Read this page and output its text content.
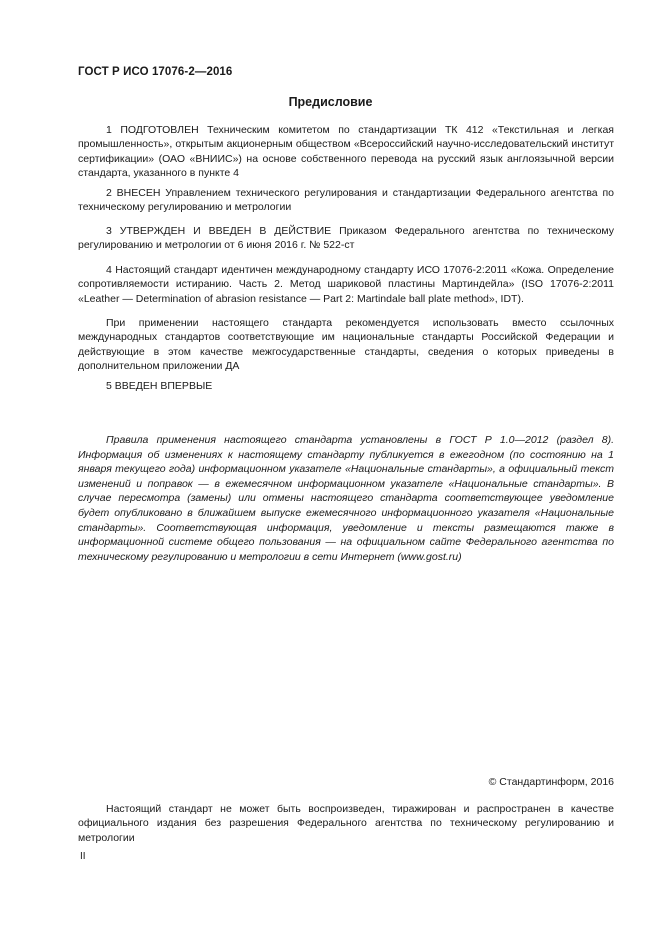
ГОСТ Р ИСО 17076-2—2016
Предисловие

1 ПОДГОТОВЛЕН Техническим комитетом по стандартизации ТК 412 «Текстильная и легкая промышленность», открытым акционерным обществом «Всероссийский научно-исследовательский институт сертификации» (ОАО «ВНИИС») на основе собственного перевода на русский язык англоязычной версии стандарта, указанного в пункте 4

2 ВНЕСЕН Управлением технического регулирования и стандартизации Федерального агентства по техническому регулированию и метрологии

3 УТВЕРЖДЕН И ВВЕДЕН В ДЕЙСТВИЕ Приказом Федерального агентства по техническому регулированию и метрологии от 6 июня 2016 г. № 522-ст

4 Настоящий стандарт идентичен международному стандарту ИСО 17076-2:2011 «Кожа. Определение сопротивляемости истиранию. Часть 2. Метод шариковой пластины Мартиндейла» (ISO 17076-2:2011 «Leather — Determination of abrasion resistance — Part 2: Martindale ball plate method», IDT).

При применении настоящего стандарта рекомендуется использовать вместо ссылочных международных стандартов соответствующие им национальные стандарты Российской Федерации и действующие в этом качестве межгосударственные стандарты, сведения о которых приведены в дополнительном приложении ДА

5 ВВЕДЕН ВПЕРВЫЕ

Правила применения настоящего стандарта установлены в ГОСТ Р 1.0—2012 (раздел 8). Информация об изменениях к настоящему стандарту публикуется в ежегодном (по состоянию на 1 января текущего года) информационном указателе «Национальные стандарты», а официальный текст изменений и поправок — в ежемесячном информационном указателе «Национальные стандарты». В случае пересмотра (замены) или отмены настоящего стандарта соответствующее уведомление будет опубликовано в ближайшем выпуске ежемесячного информационного указателя «Национальные стандарты». Соответствующая информация, уведомление и тексты размещаются также в информационной системе общего пользования — на официальном сайте Федерального агентства по техническому регулированию и метрологии в сети Интернет (www.gost.ru)

© Стандартинформ, 2016

Настоящий стандарт не может быть воспроизведен, тиражирован и распространен в качестве официального издания без разрешения Федерального агентства по техническому регулированию и метрологии

II
